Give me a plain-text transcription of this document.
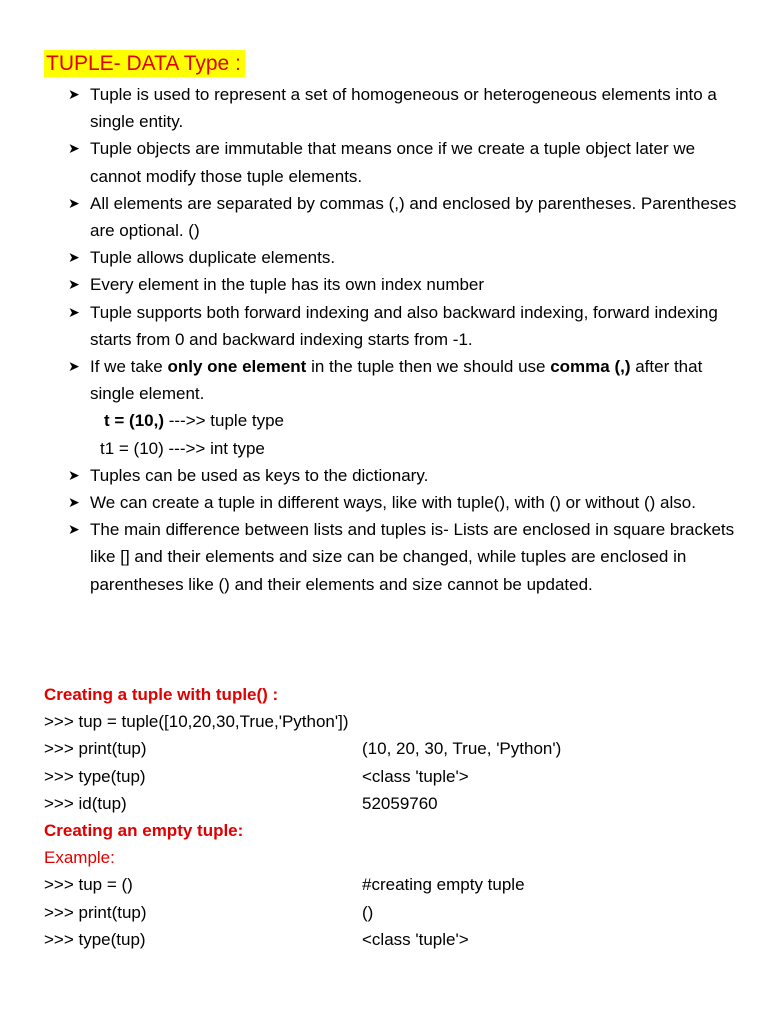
TUPLE- DATA Type :
➤ Tuple is used to represent a set of homogeneous or heterogeneous elements into a single entity.
➤ Tuple objects are immutable that means once if we create a tuple object later we cannot modify those tuple elements.
➤ All elements are separated by commas (,) and enclosed by parentheses. Parentheses are optional. ()
➤ Tuple allows duplicate elements.
➤ Every element in the tuple has its own index number
➤ Tuple supports both forward indexing and also backward indexing, forward indexing starts from 0 and backward indexing starts from -1.
➤ If we take only one element in the tuple then we should use comma (,) after that single element.
t = (10,) --->> tuple type
t1 = (10) --->> int type
➤ Tuples can be used as keys to the dictionary.
➤ We can create a tuple in different ways, like with tuple(), with () or without () also.
➤ The main difference between lists and tuples is- Lists are enclosed in square brackets like [] and their elements and size can be changed, while tuples are enclosed in parentheses like () and their elements and size cannot be updated.
Creating a tuple with tuple() :
>>> tup = tuple([10,20,30,True,'Python'])
>>> print(tup)	(10, 20, 30, True, 'Python')
>>> type(tup)	<class 'tuple'>
>>> id(tup)	52059760
Creating an empty tuple:
Example:
>>> tup = ()	#creating empty tuple
>>> print(tup)	()
>>> type(tup)	<class 'tuple'>
